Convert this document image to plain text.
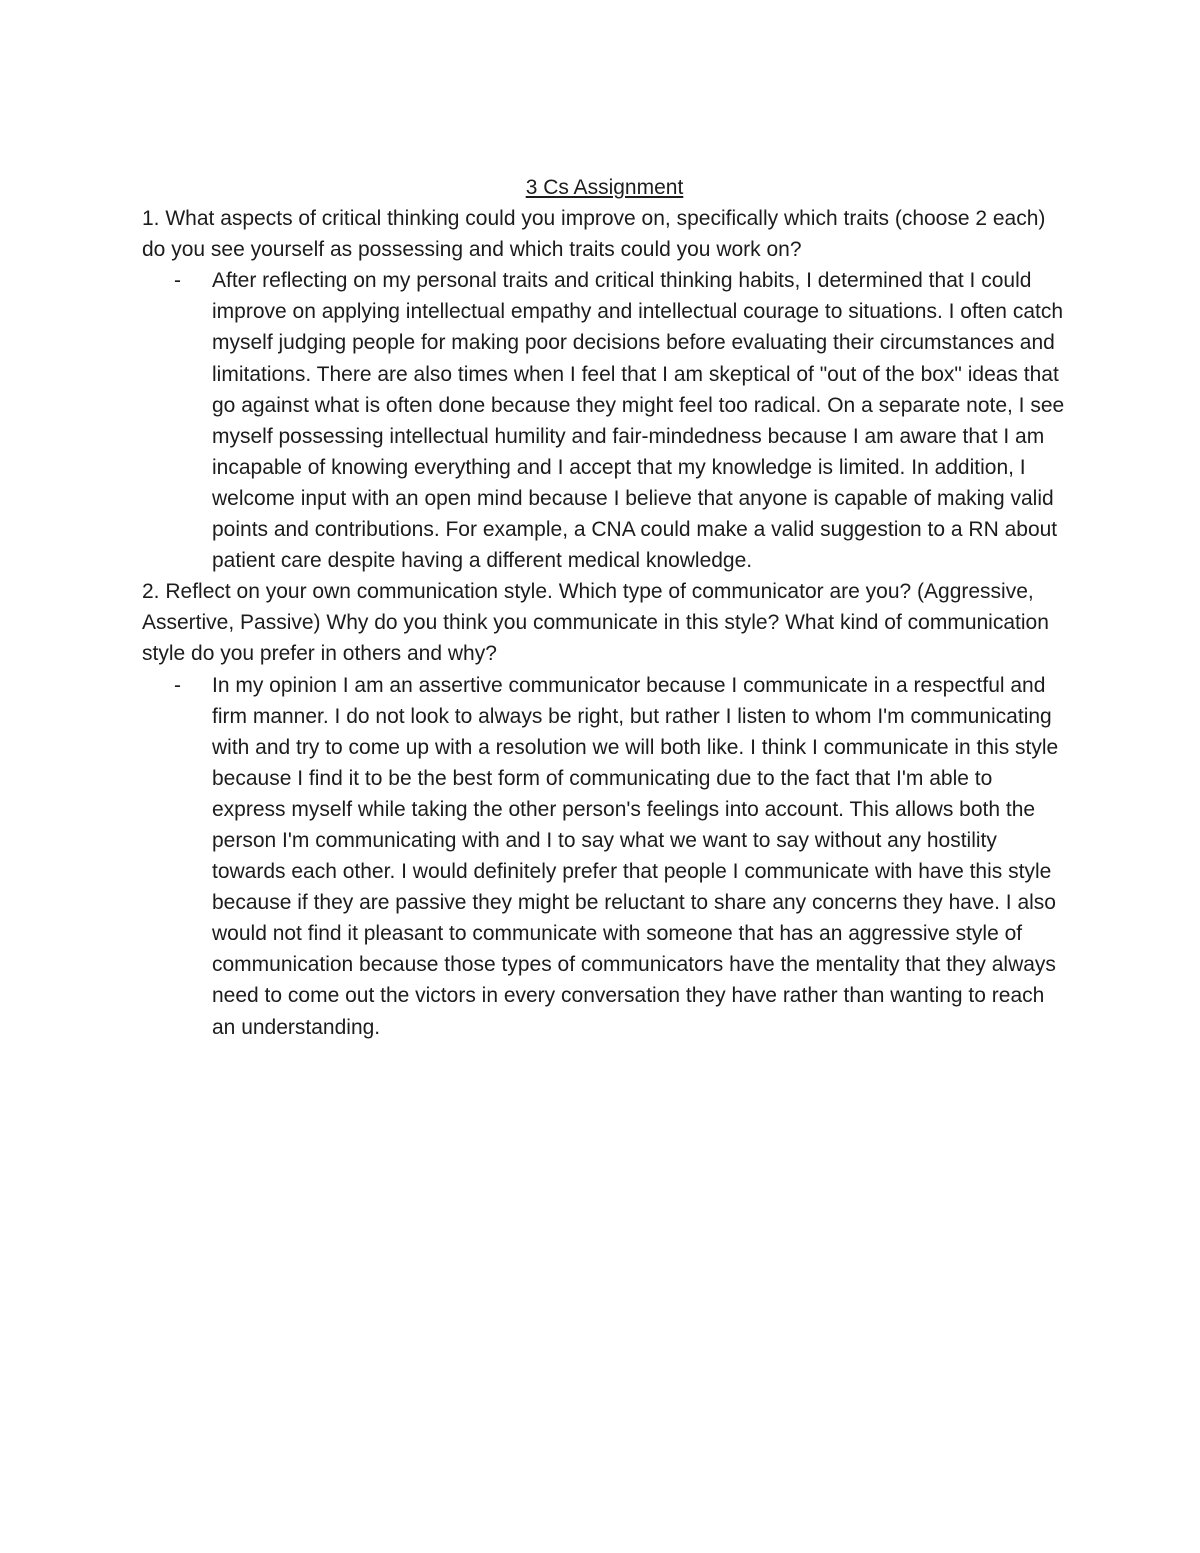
3 Cs Assignment

1. What aspects of critical thinking could you improve on, specifically which traits (choose 2 each) do you see yourself as possessing and which traits could you work on?

- After reflecting on my personal traits and critical thinking habits, I determined that I could improve on applying intellectual empathy and intellectual courage to situations. I often catch myself judging people for making poor decisions before evaluating their circumstances and limitations. There are also times when I feel that I am skeptical of "out of the box" ideas that go against what is often done because they might feel too radical. On a separate note, I see myself possessing intellectual humility and fair-mindedness because I am aware that I am incapable of knowing everything and I accept that my knowledge is limited. In addition, I welcome input with an open mind because I believe that anyone is capable of making valid points and contributions. For example, a CNA could make a valid suggestion to a RN about patient care despite having a different medical knowledge.

2. Reflect on your own communication style. Which type of communicator are you? (Aggressive, Assertive, Passive) Why do you think you communicate in this style? What kind of communication style do you prefer in others and why?

- In my opinion I am an assertive communicator because I communicate in a respectful and firm manner. I do not look to always be right, but rather I listen to whom I'm communicating with and try to come up with a resolution we will both like. I think I communicate in this style because I find it to be the best form of communicating due to the fact that I'm able to express myself while taking the other person's feelings into account. This allows both the person I'm communicating with and I to say what we want to say without any hostility towards each other. I would definitely prefer that people I communicate with have this style because if they are passive they might be reluctant to share any concerns they have. I also would not find it pleasant to communicate with someone that has an aggressive style of communication because those types of communicators have the mentality that they always need to come out the victors in every conversation they have rather than wanting to reach an understanding.
